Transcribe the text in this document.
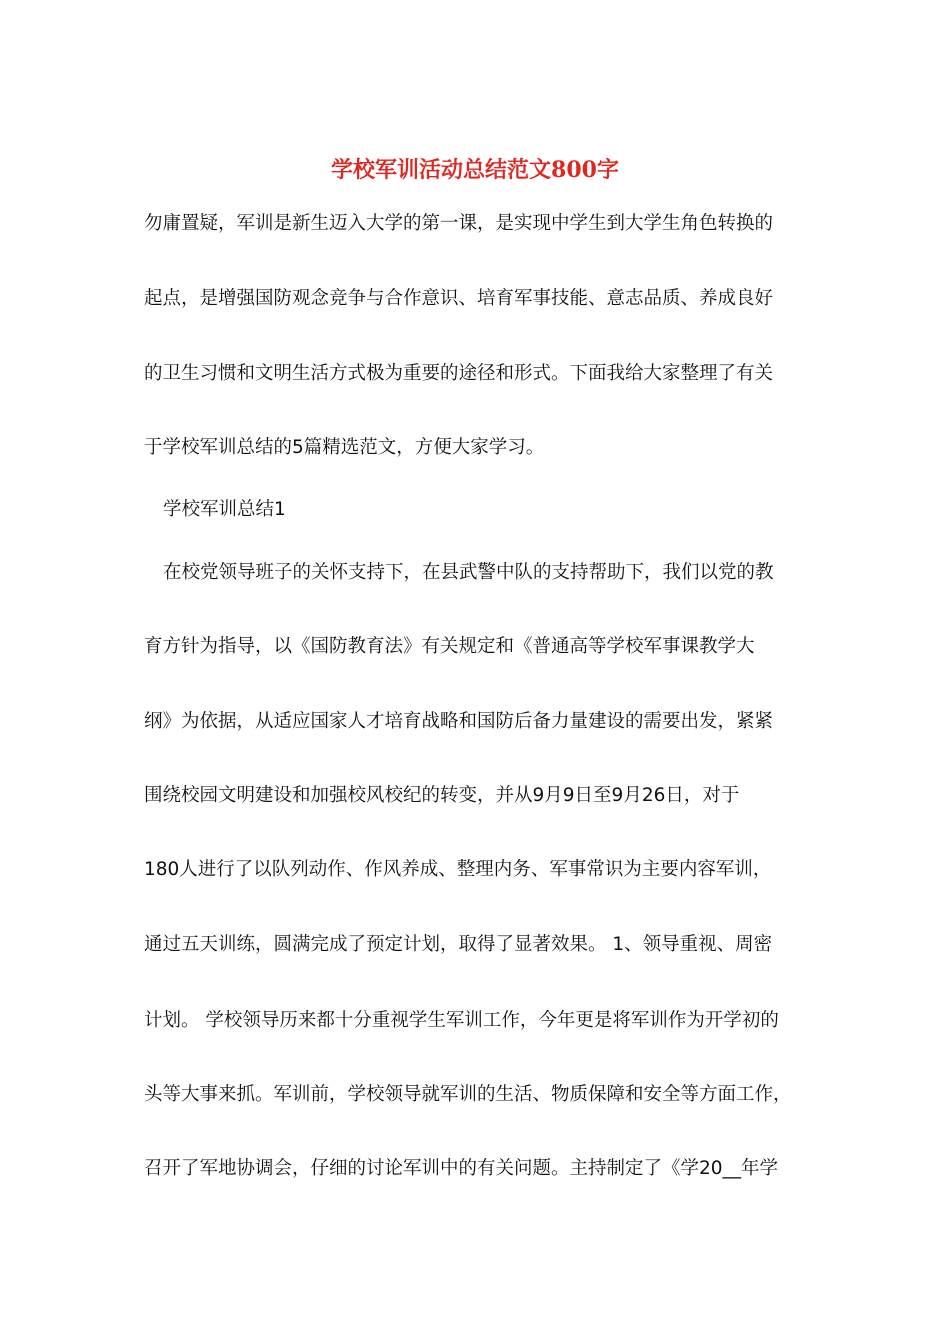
学校军训活动总结范文800字
勿庸置疑，军训是新生迈入大学的第一课，是实现中学生到大学生角色转换的
起点，是增强国防观念竞争与合作意识、培育军事技能、意志品质、养成良好
的卫生习惯和文明生活方式极为重要的途径和形式。下面我给大家整理了有关
于学校军训总结的5篇精选范文，方便大家学习。
学校军训总结1
在校党领导班子的关怀支持下，在县武警中队的支持帮助下，我们以党的教
育方针为指导，以《国防教育法》有关规定和《普通高等学校军事课教学大
纲》为依据，从适应国家人才培育战略和国防后备力量建设的需要出发，紧紧
围绕校园文明建设和加强校风校纪的转变，并从9月9日至9月26日，对于
180人进行了以队列动作、作风养成、整理内务、军事常识为主要内容军训，
通过五天训练，圆满完成了预定计划，取得了显著效果。 1、领导重视、周密
计划。 学校领导历来都十分重视学生军训工作，今年更是将军训作为开学初的
头等大事来抓。军训前，学校领导就军训的生活、物质保障和安全等方面工作，
召开了军地协调会，仔细的讨论军训中的有关问题。主持制定了《学20__年学
